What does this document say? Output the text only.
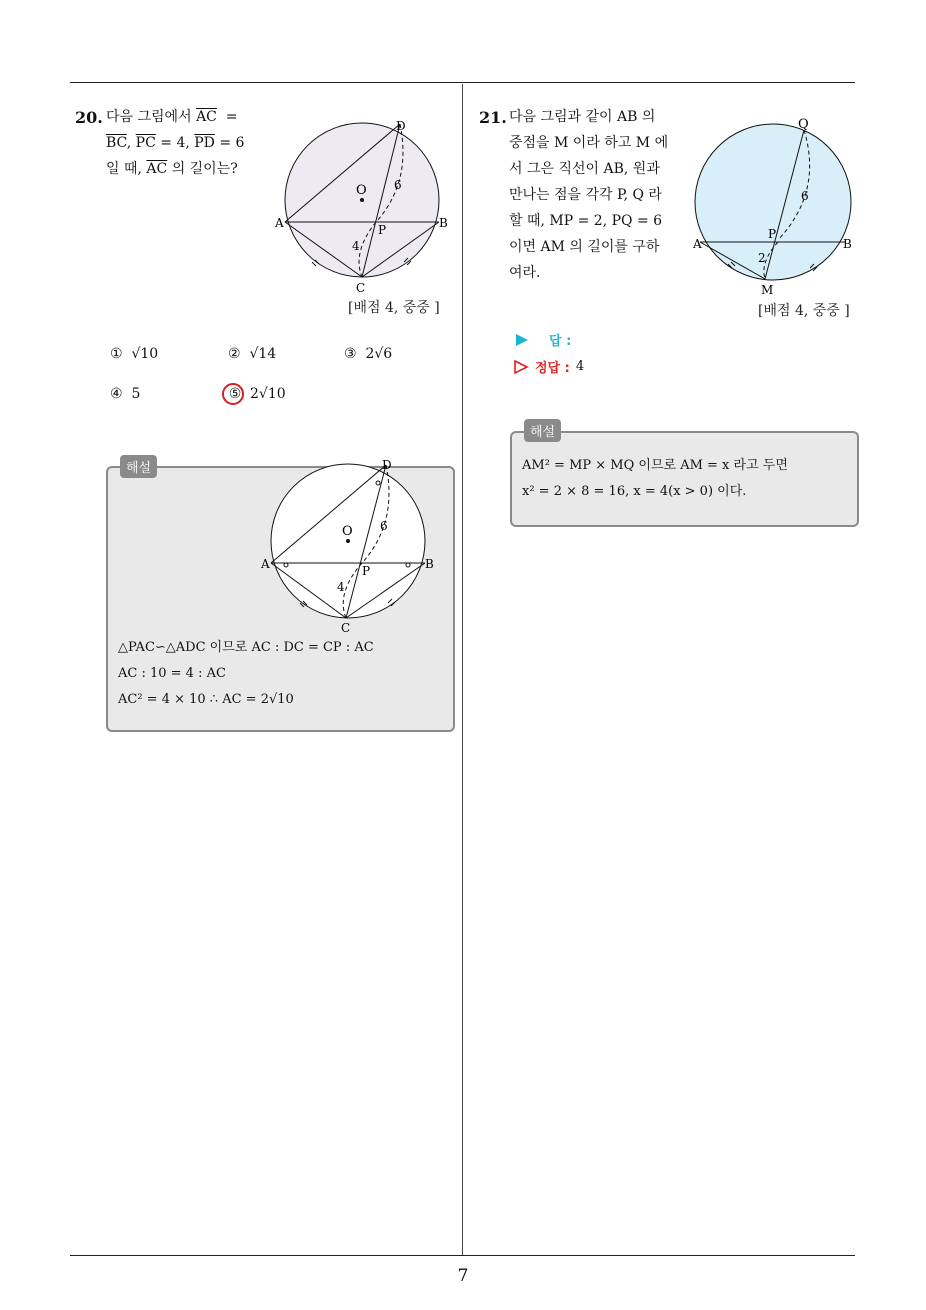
7
20. 다음 그림에서 $\overline{AC}$ =
$\overline{BC}$, $\overline{PC} = 4$, $\overline{PD} = 6$
일 때, $\overline{AC}$ 의 길이는?
O
D
A	B
C
P
6
4
[배점 4, 중중 ]
① √10	② √14	③ 2√6
④ 5	⑤ 2√10
해설
O
D
A	B
C
P
6
4
△PAC∽△ADC 이므로 AC : DC = CP : AC
AC : 10 = 4 : AC
AC² = 4 × 10 ∴ AC = 2√10
21. 다음 그림과 같이 AB 의
중점을 M 이라 하고 M 에
서 그은 직선이 AB, 원과
만나는 점을 각각 P, Q 라
할 때, MP = 2, PQ = 6
이면 AM 의 길이를 구하
여라.
Q
A	B
P
M
6
2
[배점 4, 중중 ]
답 :
정답 : 4
해설
AM² = MP × MQ 이므로 AM = x 라고 두면
x² = 2 × 8 = 16, x = 4(x > 0) 이다.
